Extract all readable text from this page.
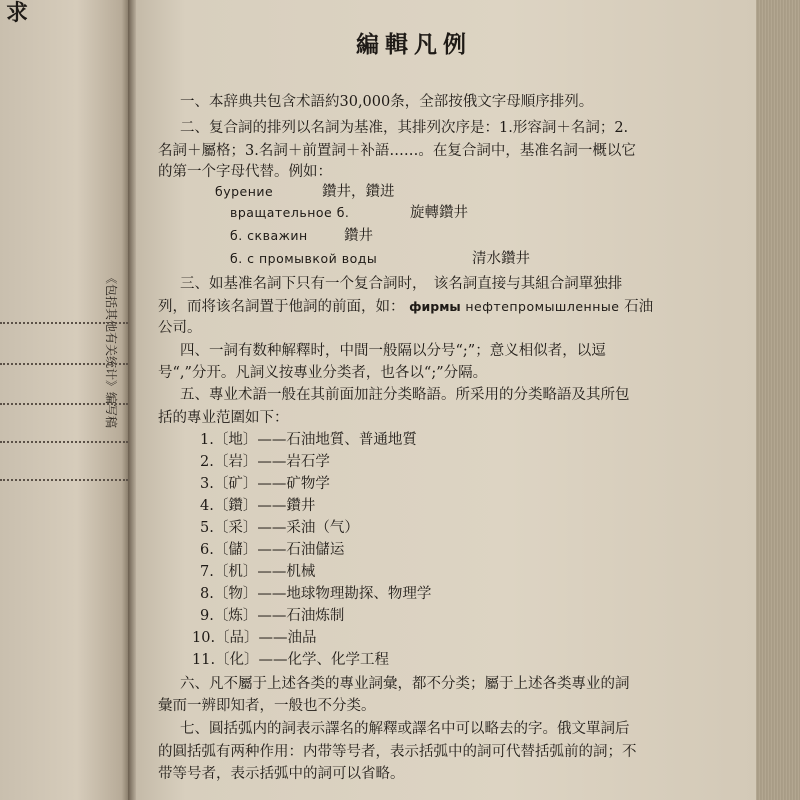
求
《包括其他有关统计》编写稿
編輯凡例
一、本辞典共包含术語約30,000条，全部按俄文字母順序排列。
二、复合詞的排列以名詞为基准，其排列次序是：1.形容詞＋名詞；2.
名詞＋屬格；3.名詞＋前置詞＋补語……。在复合詞中，基准名詞一概以它
的第一个字母代替。例如：
бурение	鑽井，鑽进
вращательное б.	旋轉鑽井
б. скважин	鑽井
б. с промывкой воды	清水鑽井
三、如基准名詞下只有一个复合詞时，　该名詞直接与其組合詞單独排
列，而将该名詞置于他詞的前面，如： фирмы нефтепромышленные 石油
公司。
四、一詞有数种解釋时，中間一般隔以分号“;”；意义相似者，以逗
号“,”分开。凡詞义按專业分类者，也各以“;”分隔。
五、專业术語一般在其前面加註分类略語。所采用的分类略語及其所包
括的專业范圍如下：
1.〔地〕——石油地質、普通地質
2.〔岩〕——岩石学
3.〔矿〕——矿物学
4.〔鑽〕——鑽井
5.〔采〕——采油（气）
6.〔儲〕——石油儲运
7.〔机〕——机械
8.〔物〕——地球物理勘探、物理学
9.〔炼〕——石油炼制
10.〔品〕——油品
11.〔化〕——化学、化学工程
六、凡不屬于上述各类的專业詞彙，都不分类；屬于上述各类專业的詞
彙而一辨即知者，一般也不分类。
七、圓括弧内的詞表示譯名的解釋或譯名中可以略去的字。俄文單詞后
的圓括弧有两种作用：内带等号者，表示括弧中的詞可代替括弧前的詞；不
带等号者，表示括弧中的詞可以省略。
